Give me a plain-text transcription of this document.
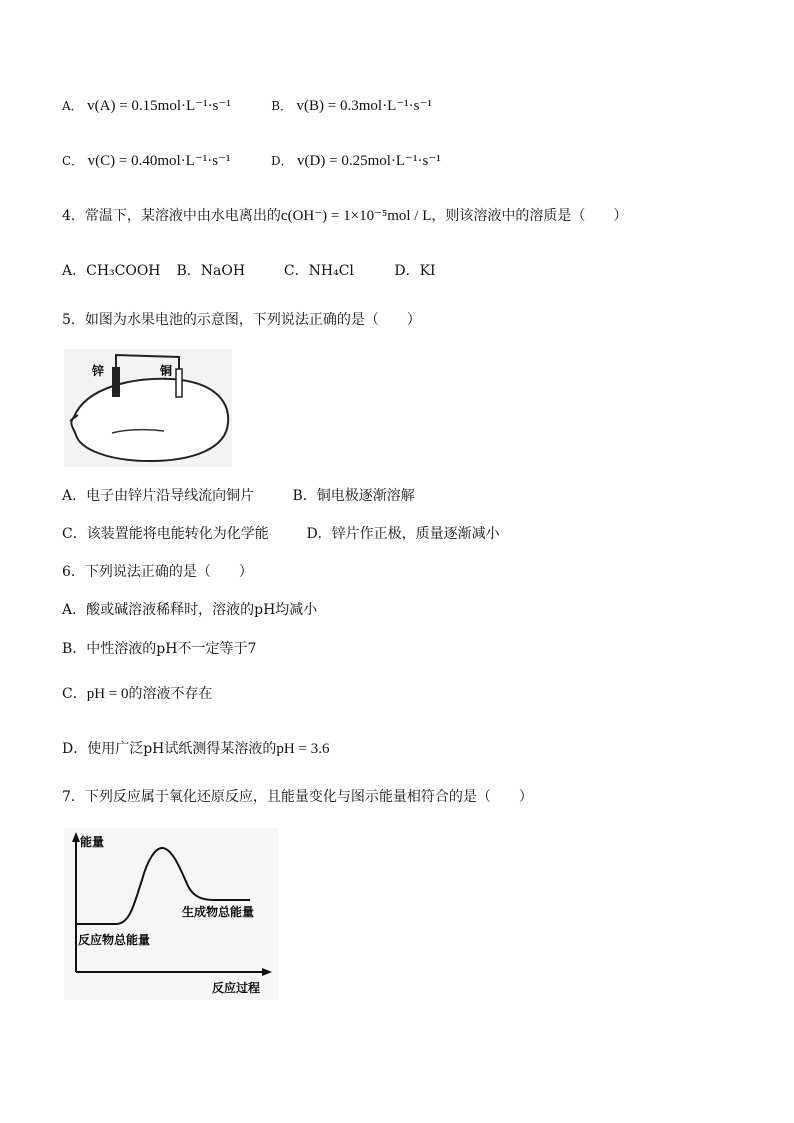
A． v(A) = 0.15mol·L⁻¹·s⁻¹	B． v(B) = 0.3mol·L⁻¹·s⁻¹
C． v(C) = 0.40mol·L⁻¹·s⁻¹	D． v(D) = 0.25mol·L⁻¹·s⁻¹
4．常温下，某溶液中由水电离出的c(OH⁻) = 1×10⁻⁵mol / L，则该溶液中的溶质是（　　）
A．CH₃COOH B．NaOH	C．NH₄Cl	D．KI
5．如图为水果电池的示意图，下列说法正确的是（　　）
锌	铜
A．电子由锌片沿导线流向铜片	B．铜电极逐渐溶解
C．该装置能将电能转化为化学能	D．锌片作正极，质量逐渐减小
6．下列说法正确的是（　　）
A．酸或碱溶液稀释时，溶液的pH均减小
B．中性溶液的pH不一定等于7
C．pH = 0的溶液不存在
D．使用广泛pH试纸测得某溶液的pH = 3.6
7．下列反应属于氧化还原反应，且能量变化与图示能量相符合的是（　　）
能量
反应过程
生成物总能量
反应物总能量
